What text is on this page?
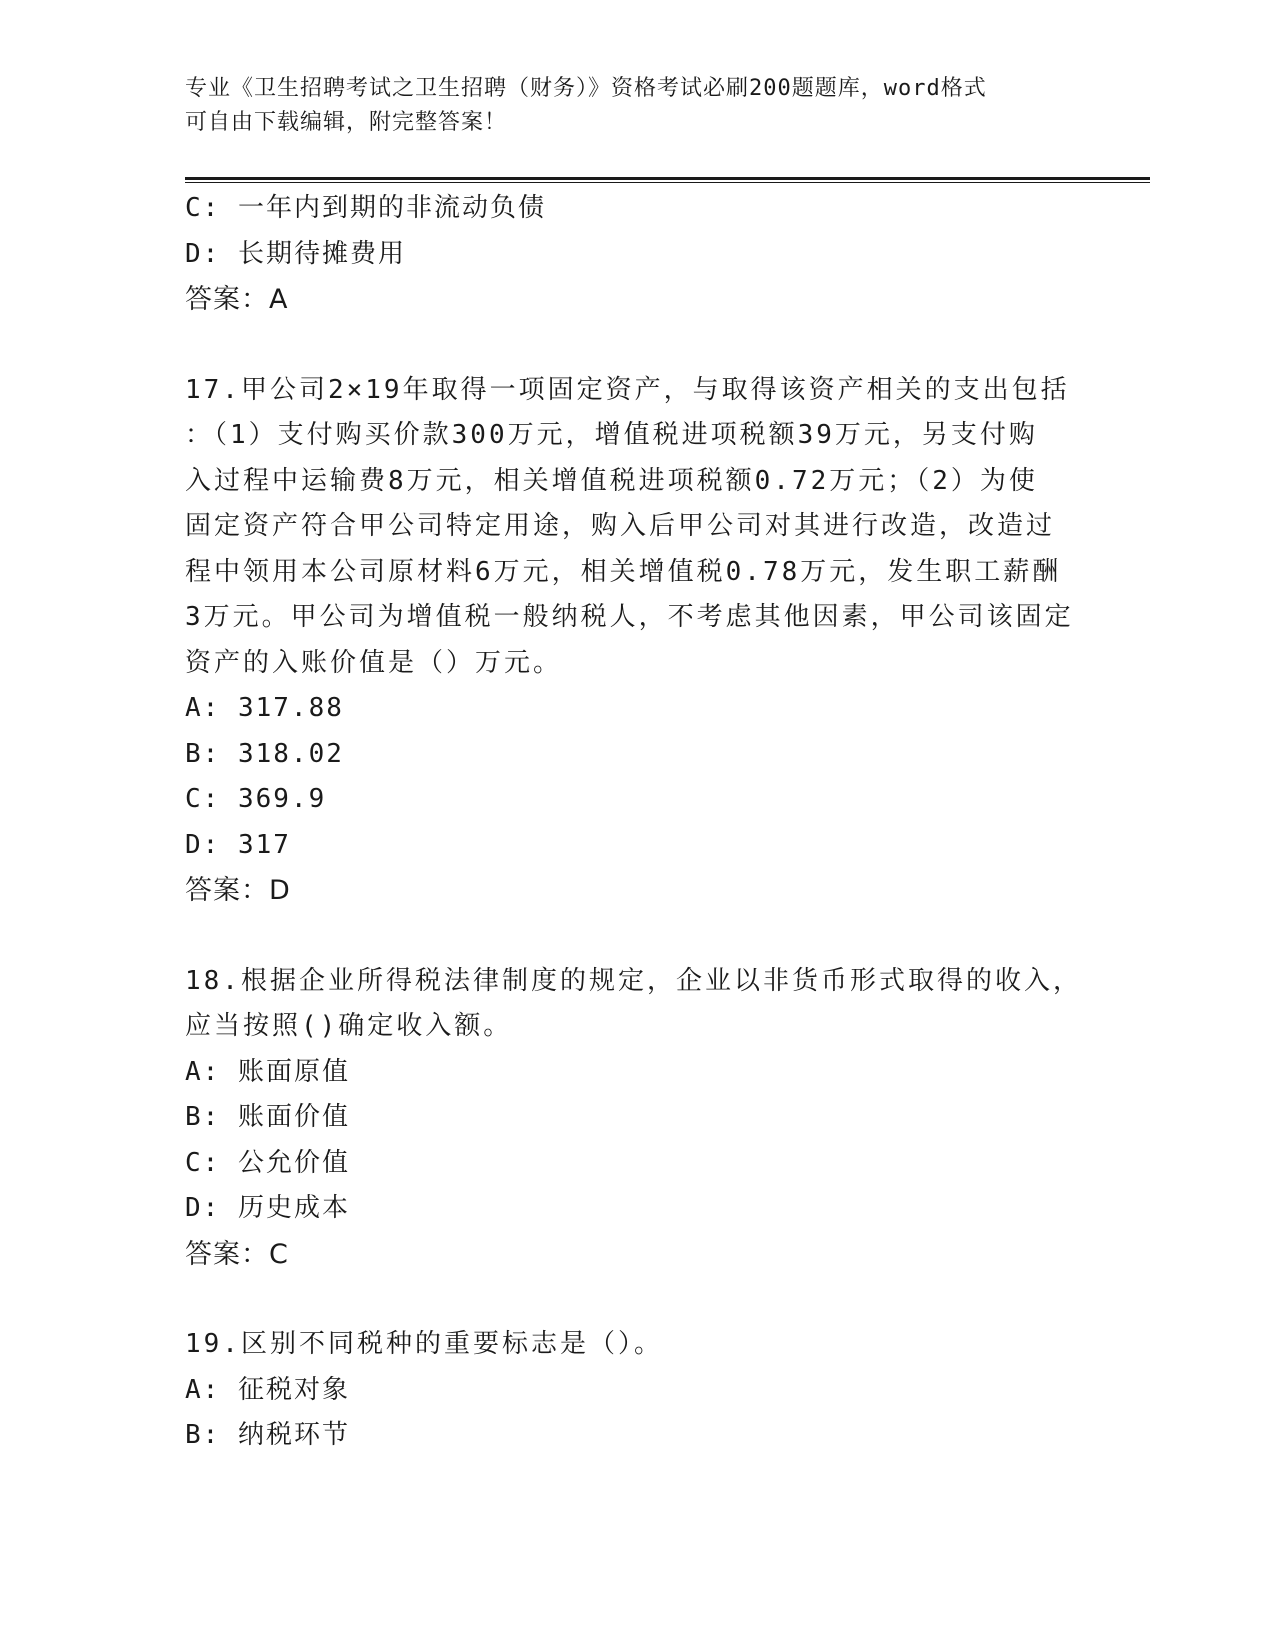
专业《卫生招聘考试之卫生招聘（财务）》资格考试必刷200题题库，word格式
可自由下载编辑，附完整答案！
C: 一年内到期的非流动负债
D: 长期待摊费用
答案：A
17.甲公司2×19年取得一项固定资产，与取得该资产相关的支出包括
：（1）支付购买价款300万元，增值税进项税额39万元，另支付购
入过程中运输费8万元，相关增值税进项税额0.72万元；（2）为使
固定资产符合甲公司特定用途，购入后甲公司对其进行改造，改造过
程中领用本公司原材料6万元，相关增值税0.78万元，发生职工薪酬
3万元。甲公司为增值税一般纳税人，不考虑其他因素，甲公司该固定
资产的入账价值是（）万元。
A: 317.88
B: 318.02
C: 369.9
D: 317
答案：D
18.根据企业所得税法律制度的规定，企业以非货币形式取得的收入，
应当按照()确定收入额。
A: 账面原值
B: 账面价值
C: 公允价值
D: 历史成本
答案：C
19.区别不同税种的重要标志是（）。
A: 征税对象
B: 纳税环节
